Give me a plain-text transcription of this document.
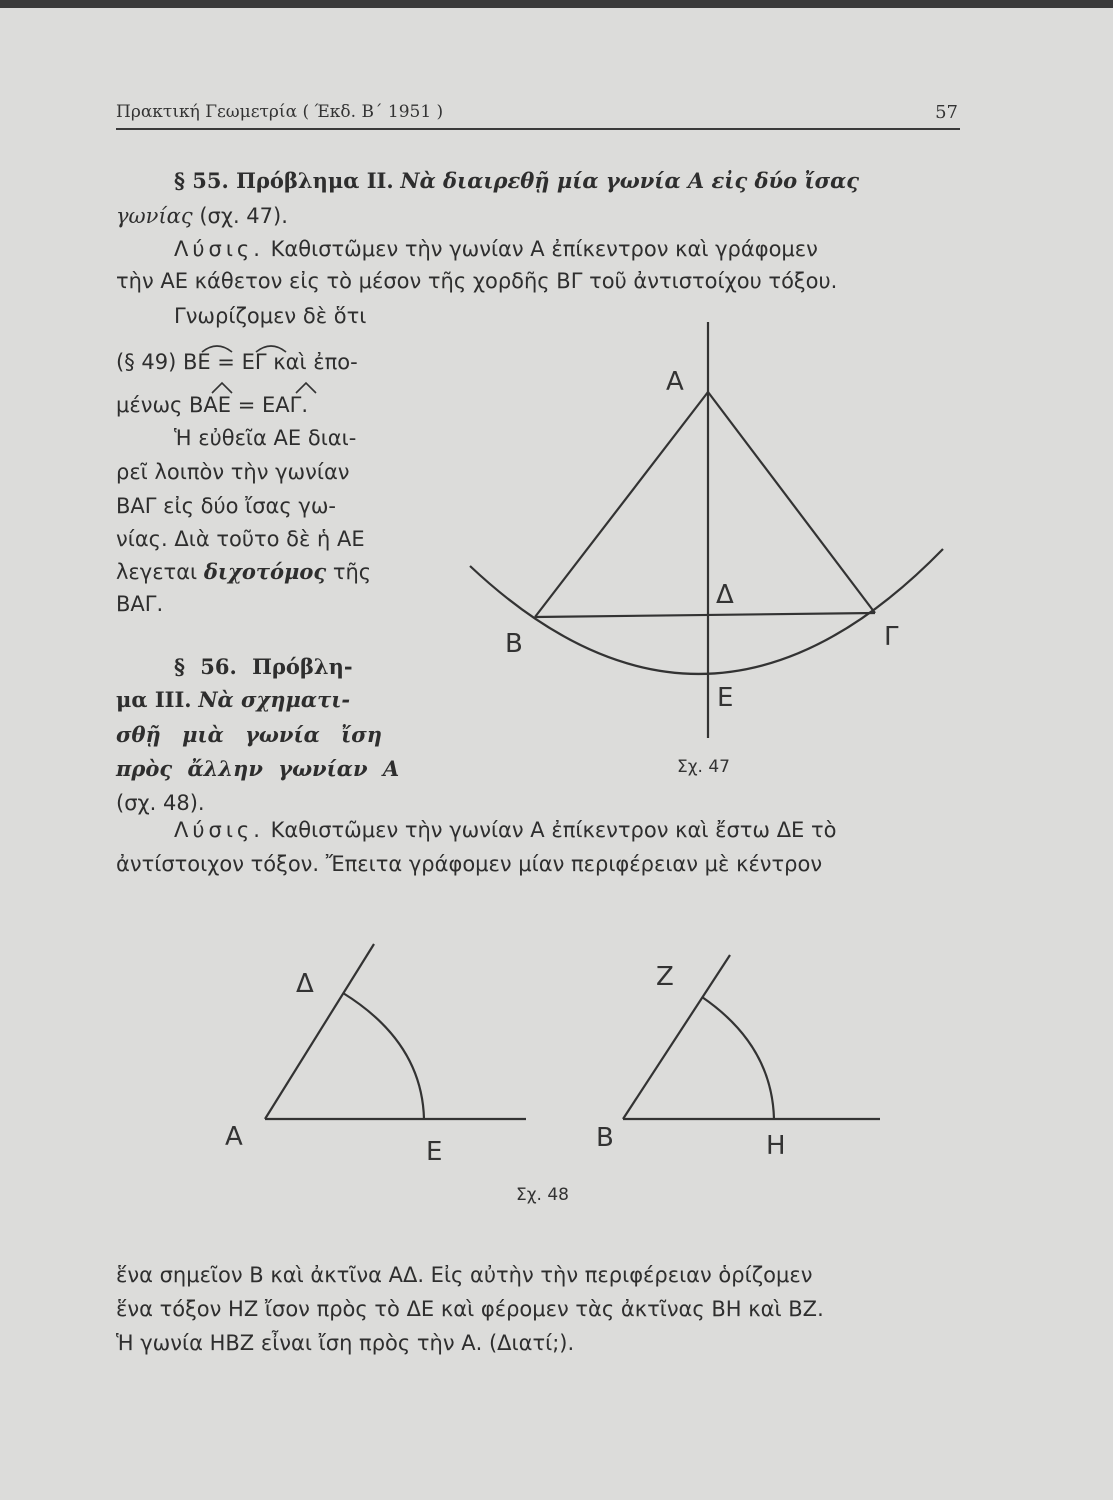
Πρακτική Γεωμετρία ( Έκδ. Β΄ 1951 )	57
§ 55. Πρόβλημα ΙΙ. Νὰ διαιρεθῇ μία γωνία Α εἰς δύο ἴσας
γωνίας (σχ. 47).
Λύσις. Καθιστῶμεν τὴν γωνίαν Α ἐπίκεντρον καὶ γράφομεν
τὴν ΑΕ κάθετον εἰς τὸ μέσον τῆς χορδῆς ΒΓ τοῦ ἀντιστοίχου τόξου.
Γνωρίζομεν δὲ ὅτι
(§ 49) ΒΕ = ΕΓ καὶ ἐπο-
μένως ΒΑΕ = ΕΑΓ.
Ἡ εὐθεῖα ΑΕ διαι-
ρεῖ λοιπὸν τὴν γωνίαν
ΒΑΓ εἰς δύο ἴσας γω-
νίας. Διὰ τοῦτο δὲ ἡ ΑΕ
λεγεται διχοτόμος τῆς
ΒΑΓ.
§ 56. Πρόβλη-
μα ΙΙΙ. Νὰ σχηματι-
σθῇ μιὰ γωνία ἴση
πρὸς ἄλλην γωνίαν Α
(σχ. 48).
Λύσις. Καθιστῶμεν τὴν γωνίαν Α ἐπίκεντρον καὶ ἔστω ΔΕ τὸ
ἀντίστοιχον τόξον. Ἔπειτα γράφομεν μίαν περιφέρειαν μὲ κέντρον
ἕνα σημεῖον Β καὶ ἀκτῖνα ΑΔ. Εἰς αὐτὴν τὴν περιφέρειαν ὁρίζομεν
ἕνα τόξον ΗΖ ἴσον πρὸς τὸ ΔΕ καὶ φέρομεν τὰς ἀκτῖνας ΒΗ καὶ ΒΖ.
Ἡ γωνία ΗΒΖ εἶναι ἴση πρὸς τὴν Α. (Διατί;).
Α
Β	Γ
Δ
Ε
Σχ. 47
Δ
Α	Ε
Ζ
Β	Η
Σχ. 48
